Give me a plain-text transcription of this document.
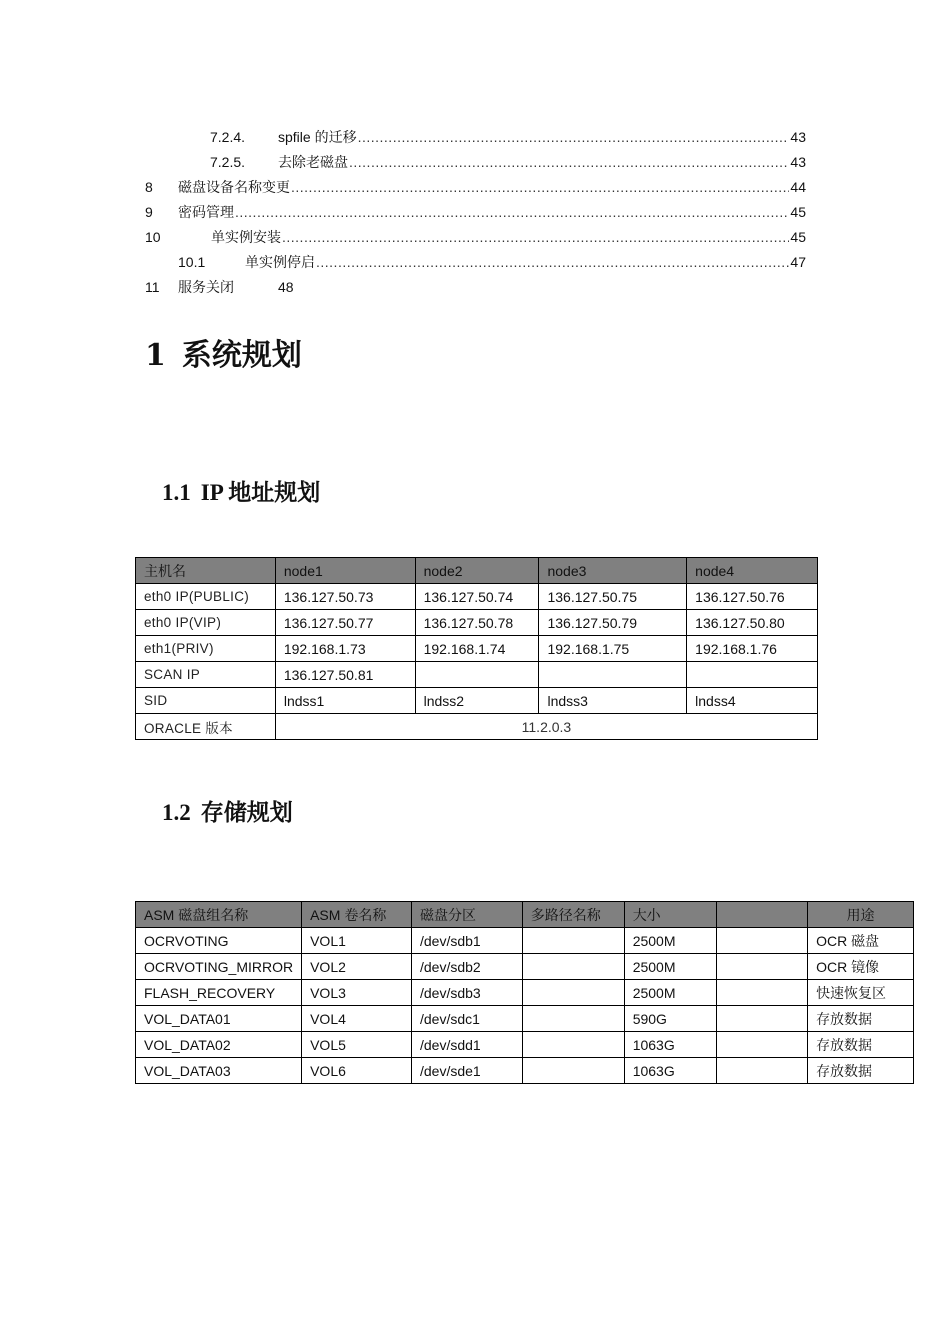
7.2.4.	spfile 的迁移 .....	43
7.2.5.	去除老磁盘 .....	43
8	磁盘设备名称变更 .....	44
9	密码管理 .....	45
10	单实例安装 .....	45
10.1	单实例停启 .....	47
11	服务关闭	48
1 系统规划
1.1 IP 地址规划
主机名	node1	node2	node3	node4
eth0 IP(PUBLIC)	136.127.50.73	136.127.50.74	136.127.50.75	136.127.50.76
eth0 IP(VIP)	136.127.50.77	136.127.50.78	136.127.50.79	136.127.50.80
eth1(PRIV)	192.168.1.73	192.168.1.74	192.168.1.75	192.168.1.76
SCAN IP	136.127.50.81			
SID	lndss1	lndss2	lndss3	lndss4
ORACLE 版本	11.2.0.3			
1.2 存储规划
ASM 磁盘组名称	ASM 卷名称	磁盘分区	多路径名称	大小		用途
OCRVOTING	VOL1	/dev/sdb1		2500M		OCR 磁盘
OCRVOTING_MIRROR	VOL2	/dev/sdb2		2500M		OCR 镜像
FLASH_RECOVERY	VOL3	/dev/sdb3		2500M		快速恢复区
VOL_DATA01	VOL4	/dev/sdc1		590G		存放数据
VOL_DATA02	VOL5	/dev/sdd1		1063G		存放数据
VOL_DATA03	VOL6	/dev/sde1		1063G		存放数据
